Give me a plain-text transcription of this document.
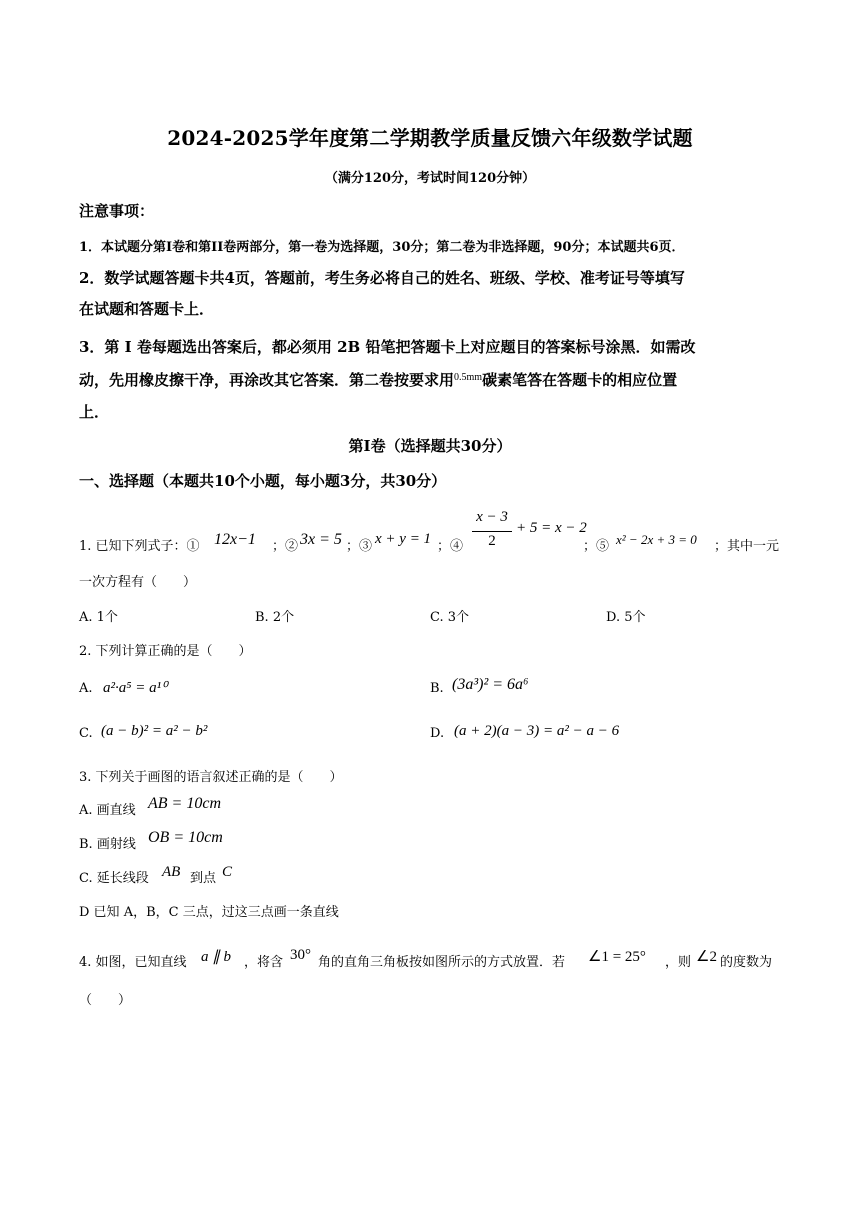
2024-2025学年度第二学期教学质量反馈六年级数学试题
（满分120分，考试时间120分钟）
注意事项：
1．本试题分第I卷和第II卷两部分，第一卷为选择题，30分；第二卷为非选择题，90分；本试题共6页．
2．数学试题答题卡共4页，答题前，考生务必将自己的姓名、班级、学校、准考证号等填写
在试题和答题卡上．
3．第 I 卷每题选出答案后，都必须用 2B 铅笔把答题卡上对应题目的答案标号涂黑．如需改
动，先用橡皮擦干净，再涂改其它答案．第二卷按要求用$^{0.5mm}$碳素笔答在答题卡的相应位置
上．
第I卷（选择题共30分）
一、选择题（本题共10个小题，每小题3分，共30分）
1. 已知下列式子：① 12x−1 ；② 3x = 5 ；③ x + y = 1 ；④
x − 3
2
+ 5 = x − 2
；⑤ x² − 2x + 3 = 0 ；其中一元
一次方程有（　　）
A. 1个	B. 2个	C. 3个	D. 5个
2. 下列计算正确的是（　　）
A. a²·a⁵ = a¹⁰	B. (3a³)² = 6a⁶
C. (a − b)² = a² − b²	D. (a + 2)(a − 3) = a² − a − 6
3. 下列关于画图的语言叙述正确的是（　　）
A. 画直线 AB = 10cm
B. 画射线 OB = 10cm
C. 延长线段 AB 到点 C
D 已知 A，B，C 三点，过这三点画一条直线
4. 如图，已知直线 a ∥ b ，将含 30° 角的直角三角板按如图所示的方式放置．若 ∠1 = 25° ，则 ∠2 的度数为
（　　）
